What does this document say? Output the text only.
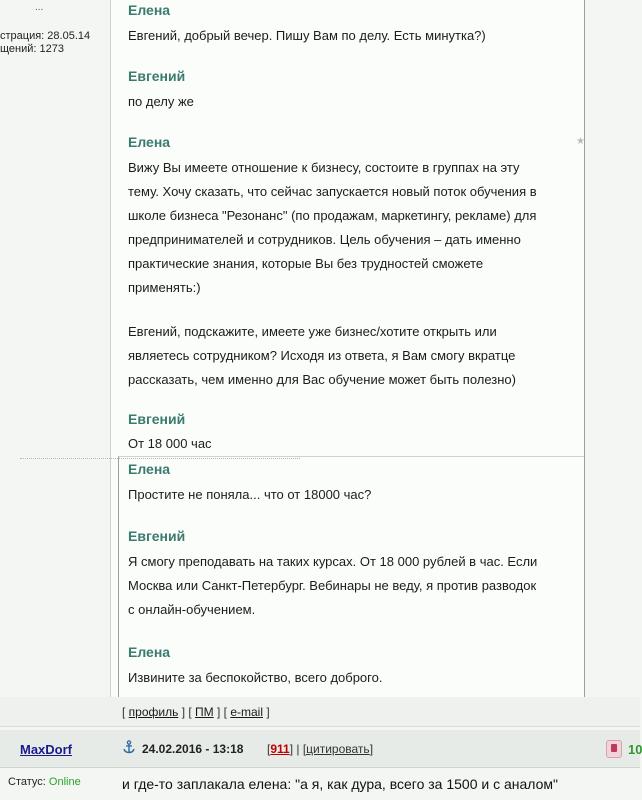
...
страция: 28.05.14
щений: 1273
★
Елена
Евгений, добрый вечер. Пишу Вам по делу. Есть минутка?)
Евгений
по делу же
Елена
Вижу Вы имеете отношение к бизнесу, состоите в группах на эту
тему. Хочу сказать, что сейчас запускается новый поток обучения в
школе бизнеса "Резонанс" (по продажам, маркетингу, рекламе) для
предпринимателей и сотрудников. Цель обучения – дать именно
практические знания, которые Вы без трудностей сможете
применять:)
Евгений, подскажите, имеете уже бизнес/хотите открыть или
являетесь сотрудником? Исходя из ответа, я Вам смогу вкратце
рассказать, чем именно для Вас обучение может быть полезно)
Евгений
От 18 000 час
Елена
Простите не поняла... что от 18000 час?
Евгений
Я смогу преподавать на таких курсах. От 18 000 рублей в час. Если
Москва или Санкт-Петербург. Вебинары не веду, я против разводок
с онлайн-обучением.
Елена
Извините за беспокойство, всего доброго.
[ профиль ] [ ПМ ] [ e-mail ]
MaxDorf	24.02.2016 - 13:18 [911] | [цитировать]	10
Статус: Online	и где-то заплакала елена: "а я, как дура, всего за 1500 и с аналом"
